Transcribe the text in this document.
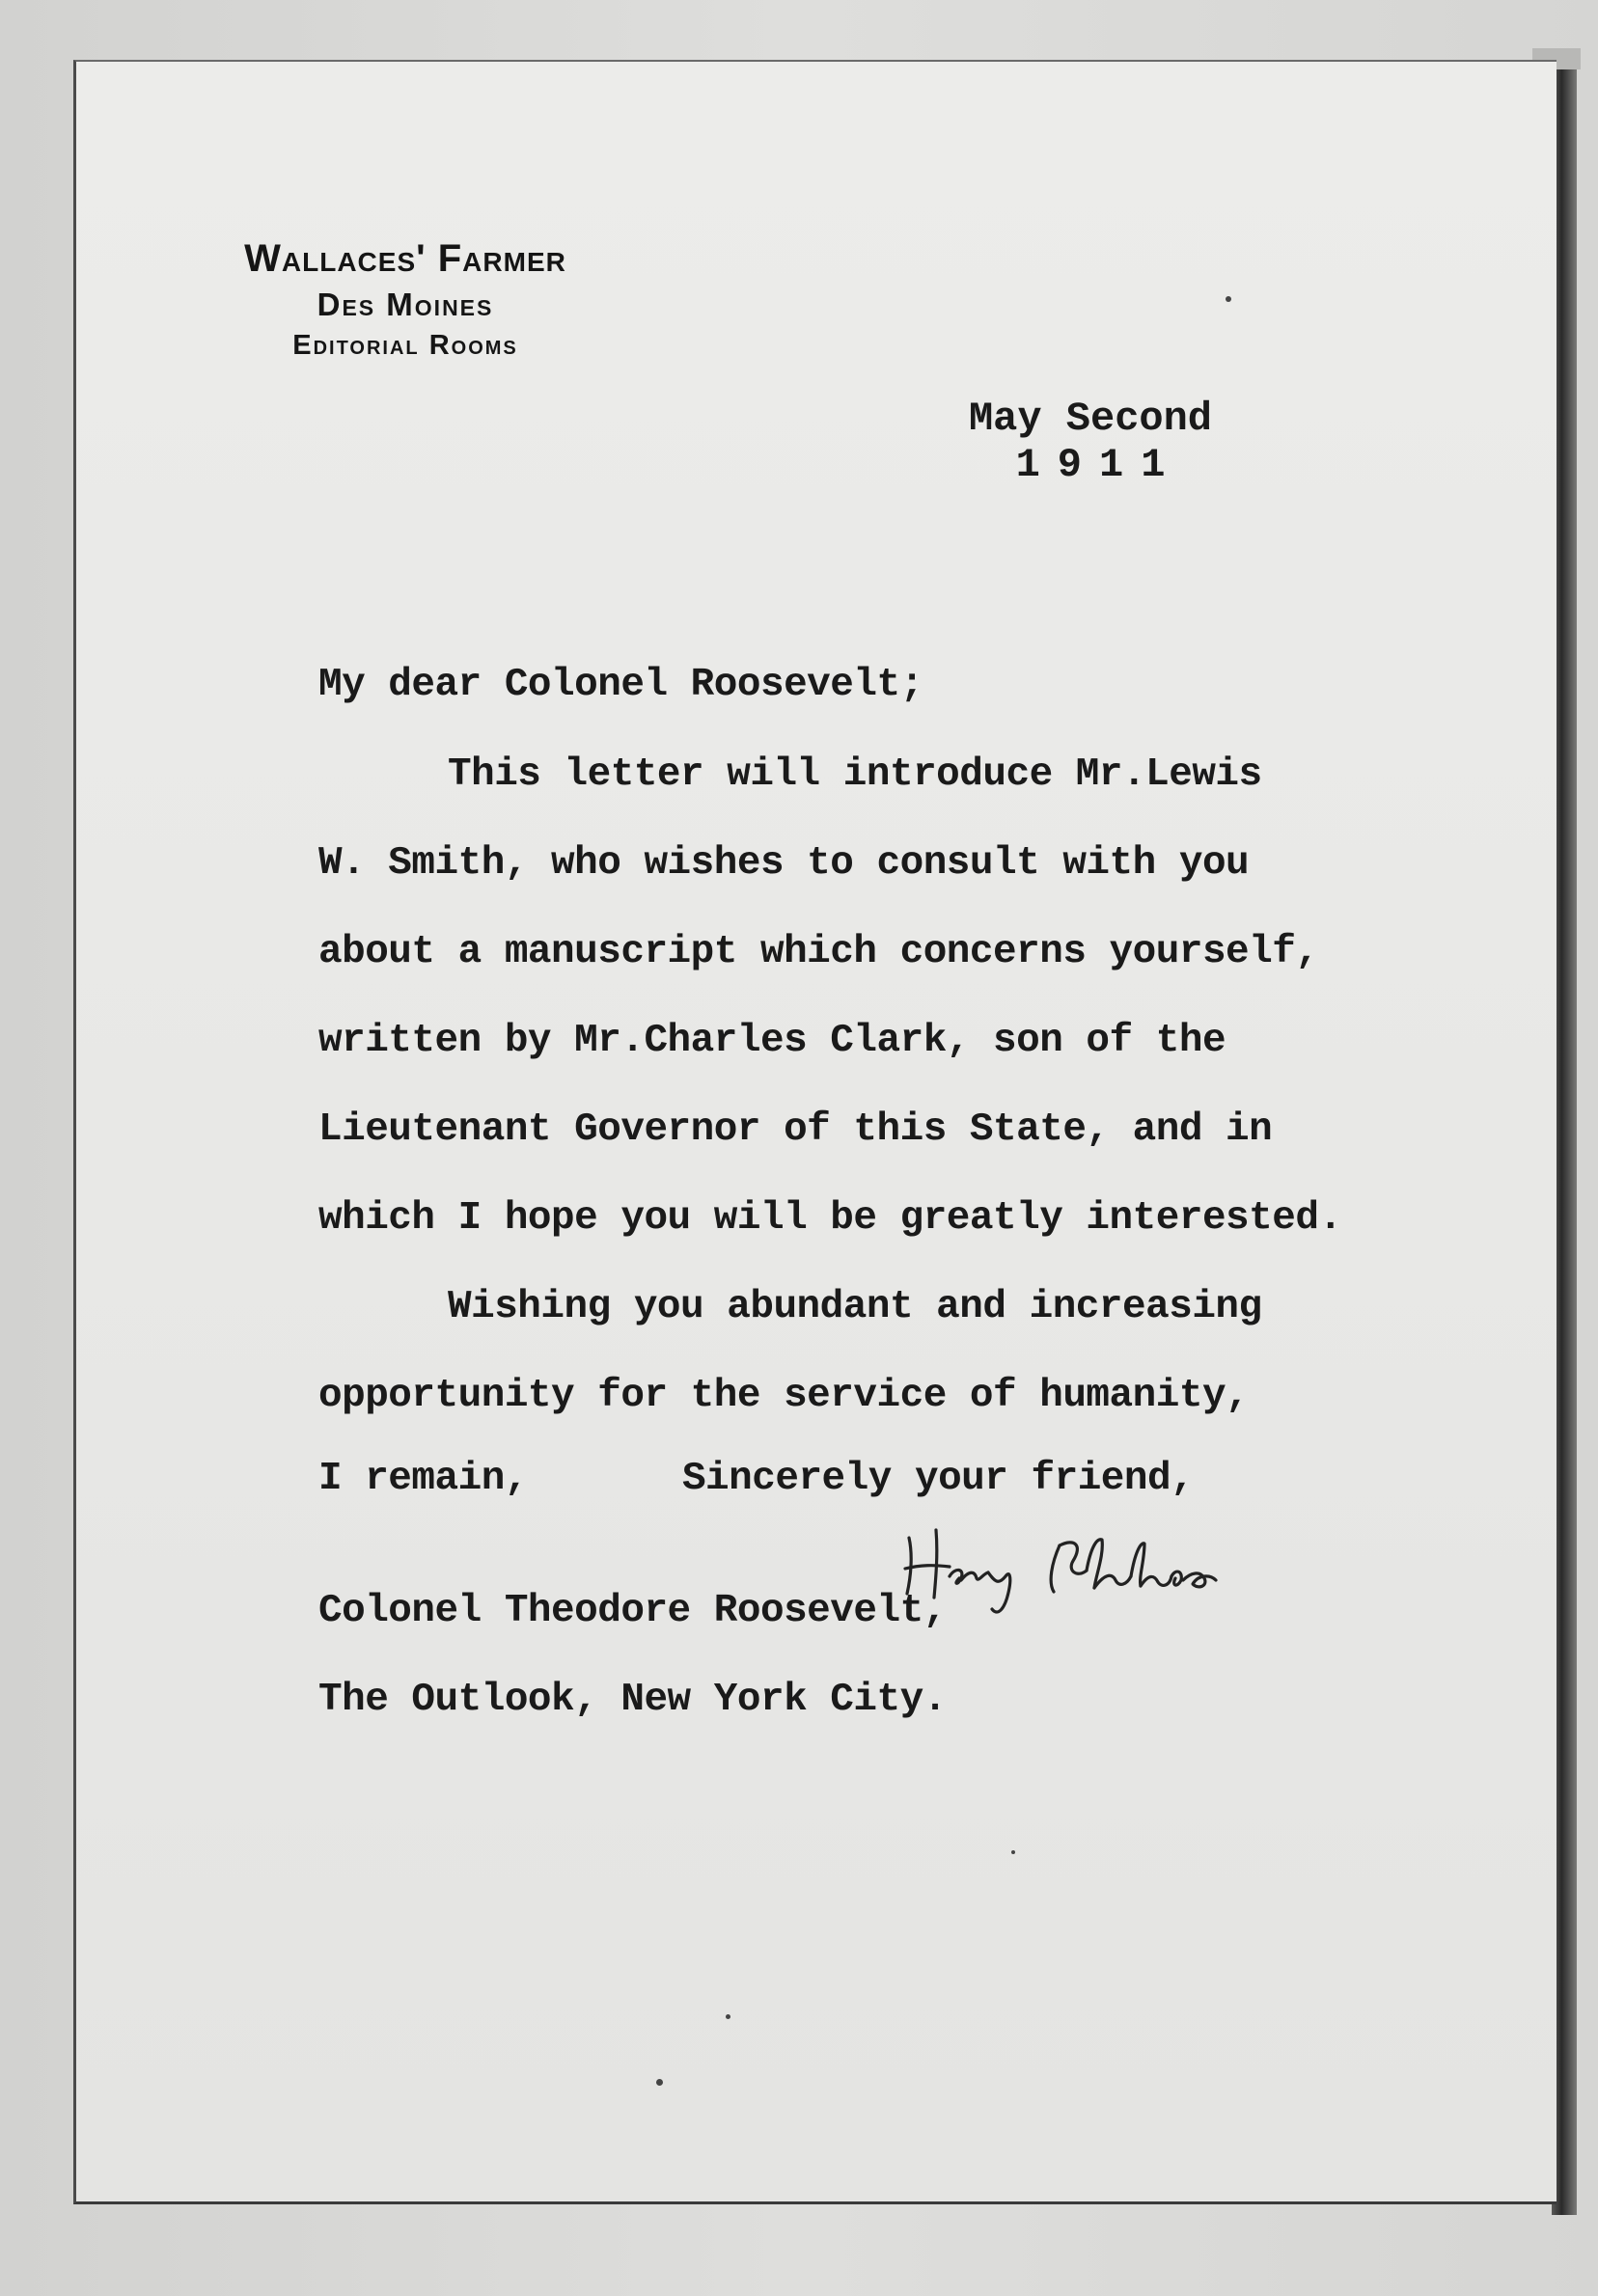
Wallaces' Farmer
Des Moines
Editorial Rooms
May Second
1911
My dear Colonel Roosevelt;
This letter will introduce Mr.Lewis
W. Smith, who wishes to consult with you
about a manuscript which concerns yourself,
written by Mr.Charles Clark, son of the
Lieutenant Governor of this State, and in
which I hope you will be greatly interested.
Wishing you abundant and increasing
opportunity for the service of humanity,
I remain,	Sincerely your friend,
Colonel Theodore Roosevelt,
The Outlook, New York City.
